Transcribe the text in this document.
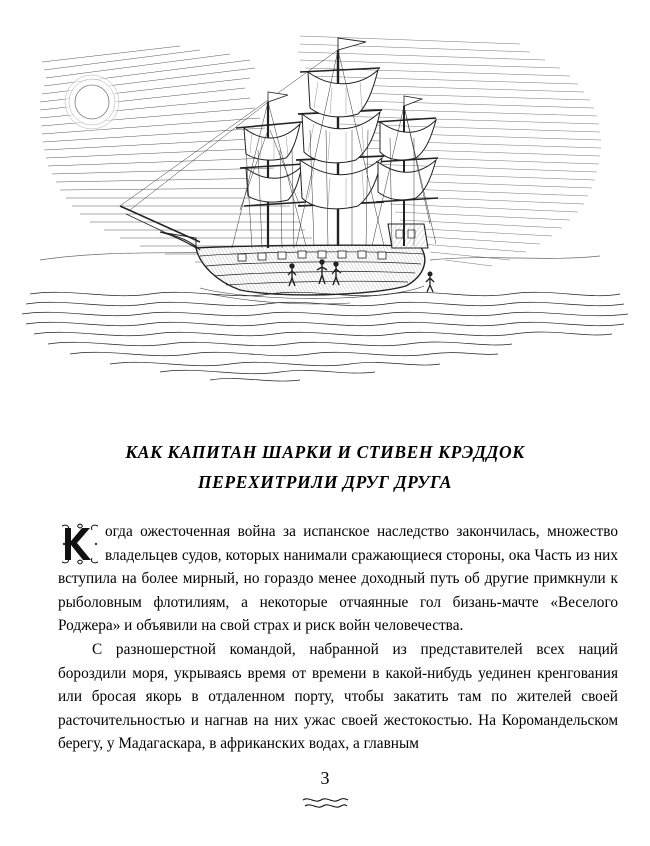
КАК КАПИТАН ШАРКИ И СТИВЕН КРЭДДОК
ПЕРЕХИТРИЛИ ДРУГ ДРУГА

огда ожесточенная война за испанское наследство закончилась, множество владельцев судов, которых нанимали сражающиеся стороны, ока Часть из них вступила на более мирный, но гораздо менее доходный путь об другие примкнули к рыболовным флотилиям, а некоторые отчаянные гол бизань-мачте «Веселого Роджера» и объявили на свой страх и риск войн человечества.

С разношерстной командой, набранной из представителей всех наций бороздили моря, укрываясь время от времени в какой-нибудь уединен кренгования или бросая якорь в отдаленном порту, чтобы закатить там по жителей своей расточительностью и нагнав на них ужас своей жестокостью. На Коромандельском берегу, у Мадагаскара, в африканских водах, а главным

3
